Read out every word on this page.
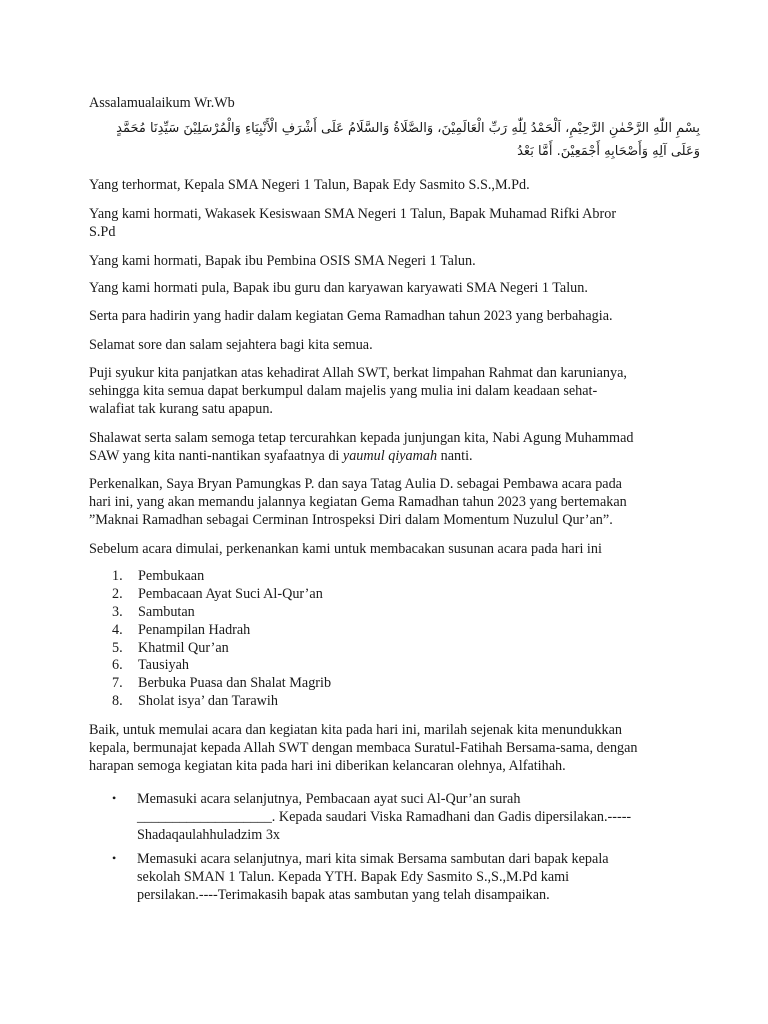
Assalamualaikum Wr.Wb
بِسْمِ اللّٰهِ الرَّحْمٰنِ الرَّحِيْمِ، اَلْحَمْدُ لِلّٰهِ رَبِّ الْعَالَمِيْنَ، وَالصَّلَاةُ وَالسَّلَامُ عَلَى أَشْرَفِ الْأَنْبِيَاءِ وَالْمُرْسَلِيْنَ سَيِّدِنَا مُحَمَّدٍ
وَعَلَى آلِهِ وَأَصْحَابِهِ أَجْمَعِيْنَ. أَمَّا بَعْدُ
Yang terhormat, Kepala SMA Negeri 1 Talun, Bapak Edy Sasmito S.S.,M.Pd.
Yang kami hormati, Wakasek Kesiswaan SMA Negeri 1 Talun, Bapak Muhamad Rifki Abror
S.Pd
Yang kami hormati, Bapak ibu Pembina OSIS SMA Negeri 1 Talun.
Yang kami hormati pula, Bapak ibu guru dan karyawan karyawati SMA Negeri 1 Talun.
Serta para hadirin yang hadir dalam kegiatan Gema Ramadhan tahun 2023 yang berbahagia.
Selamat sore dan salam sejahtera bagi kita semua.
Puji syukur kita panjatkan atas kehadirat Allah SWT, berkat limpahan Rahmat dan karunianya,
sehingga kita semua dapat berkumpul dalam majelis yang mulia ini dalam keadaan sehat-
walafiat tak kurang satu apapun.
Shalawat serta salam semoga tetap tercurahkan kepada junjungan kita, Nabi Agung Muhammad
SAW yang kita nanti-nantikan syafaatnya di yaumul qiyamah nanti.
Perkenalkan, Saya Bryan Pamungkas P. dan saya Tatag Aulia D. sebagai Pembawa acara pada
hari ini, yang akan memandu jalannya kegiatan Gema Ramadhan tahun 2023 yang bertemakan
”Maknai Ramadhan sebagai Cerminan Introspeksi Diri dalam Momentum Nuzulul Qur’an”.
Sebelum acara dimulai, perkenankan kami untuk membacakan susunan acara pada hari ini
1. Pembukaan
2. Pembacaan Ayat Suci Al-Qur’an
3. Sambutan
4. Penampilan Hadrah
5. Khatmil Qur’an
6. Tausiyah
7. Berbuka Puasa dan Shalat Magrib
8. Sholat isya’ dan Tarawih
Baik, untuk memulai acara dan kegiatan kita pada hari ini, marilah sejenak kita menundukkan
kepala, bermunajat kepada Allah SWT dengan membaca Suratul-Fatihah Bersama-sama, dengan
harapan semoga kegiatan kita pada hari ini diberikan kelancaran olehnya, Alfatihah.
• Memasuki acara selanjutnya, Pembacaan ayat suci Al-Qur’an surah
___________________. Kepada saudari Viska Ramadhani dan Gadis dipersilakan.-----
Shadaqaulahhuladzim 3x
• Memasuki acara selanjutnya, mari kita simak Bersama sambutan dari bapak kepala
sekolah SMAN 1 Talun. Kepada YTH. Bapak Edy Sasmito S.,S.,M.Pd kami
persilakan.----Terimakasih bapak atas sambutan yang telah disampaikan.
